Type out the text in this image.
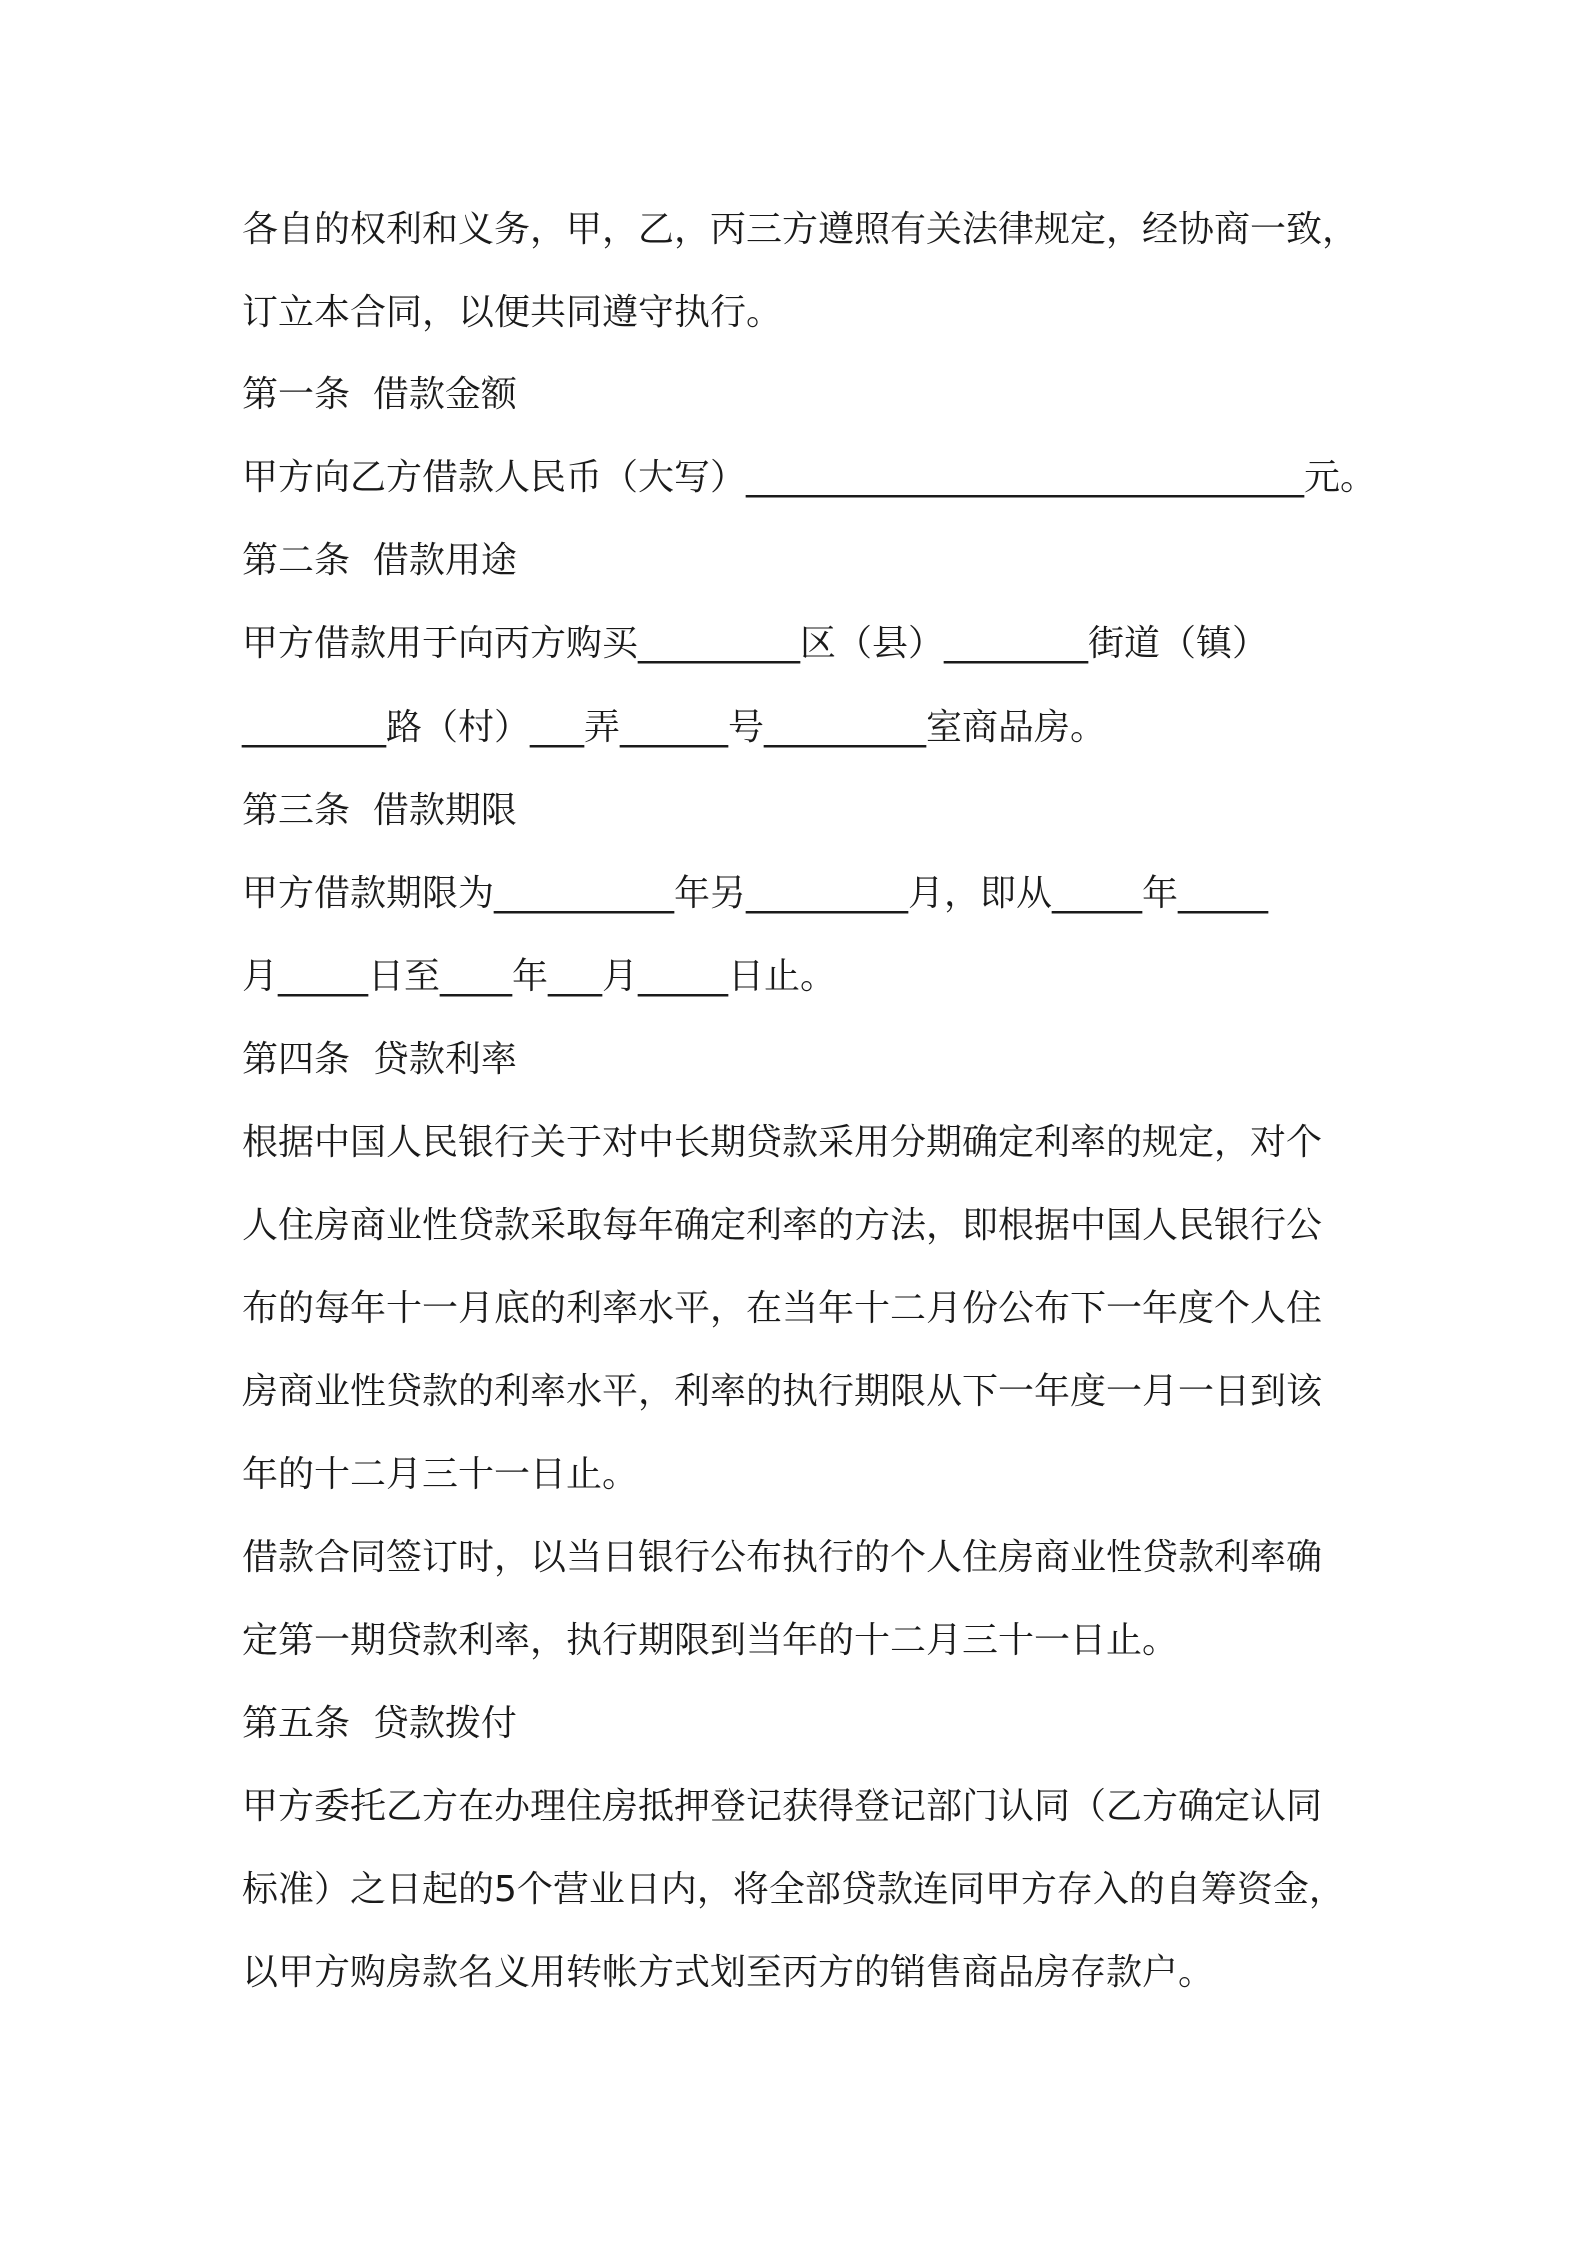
各自的权利和义务，甲，乙，丙三方遵照有关法律规定，经协商一致，
订立本合同，以便共同遵守执行。
第一条  借款金额
甲方向乙方借款人民币（大写）_______________________________元。
第二条  借款用途
甲方借款用于向丙方购买_________区（县）________街道（镇）
________路（村）___弄______号_________室商品房。
第三条  借款期限
甲方借款期限为__________年另_________月，即从_____年_____
月_____日至____年___月_____日止。
第四条  贷款利率
根据中国人民银行关于对中长期贷款采用分期确定利率的规定，对个
人住房商业性贷款采取每年确定利率的方法，即根据中国人民银行公
布的每年十一月底的利率水平，在当年十二月份公布下一年度个人住
房商业性贷款的利率水平，利率的执行期限从下一年度一月一日到该
年的十二月三十一日止。
借款合同签订时，以当日银行公布执行的个人住房商业性贷款利率确
定第一期贷款利率，执行期限到当年的十二月三十一日止。
第五条  贷款拨付
甲方委托乙方在办理住房抵押登记获得登记部门认同（乙方确定认同
标准）之日起的5个营业日内，将全部贷款连同甲方存入的自筹资金，
以甲方购房款名义用转帐方式划至丙方的销售商品房存款户。
